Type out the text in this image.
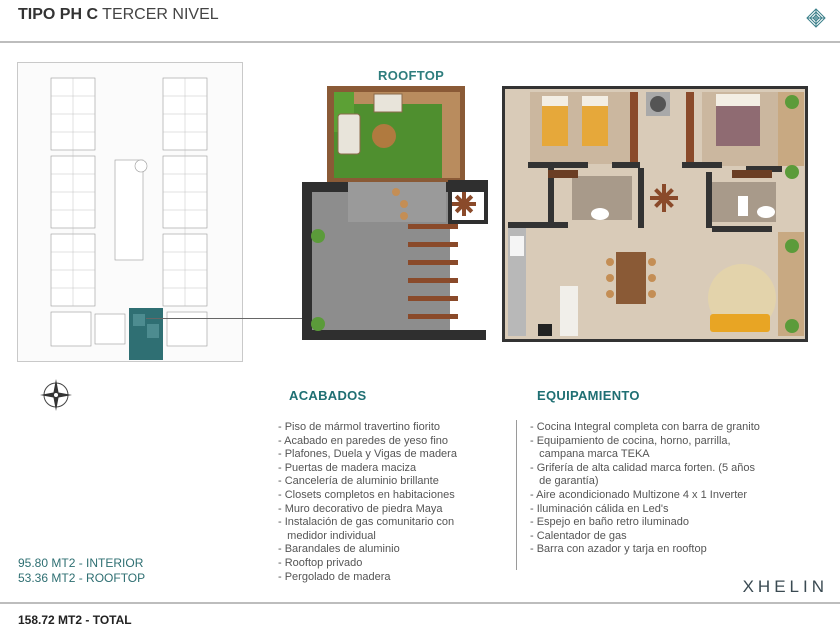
TIPO PH C TERCER NIVEL
ROOFTOP
ACABADOS
- Piso de mármol travertino fiorito
- Acabado en paredes de yeso fino
- Plafones, Duela y Vigas de madera
- Puertas de madera maciza
- Cancelería de aluminio brillante
- Closets completos en habitaciones
- Muro decorativo de piedra Maya
- Instalación de gas comunitario con
medidor individual
- Barandales de aluminio
- Rooftop privado
- Pergolado de madera
EQUIPAMIENTO
- Cocina Integral completa con barra de granito
- Equipamiento de cocina, horno, parrilla,
campana marca TEKA
- Grifería de alta calidad marca forten. (5 años
de garantía)
- Aire acondicionado Multizone 4 x 1 Inverter
- Iluminación cálida en Led's
- Espejo en baño retro iluminado
- Calentador de gas
- Barra con azador y tarja en rooftop
95.80 MT2 - INTERIOR
53.36 MT2 - ROOFTOP	XHELIN
158.72 MT2 - TOTAL
